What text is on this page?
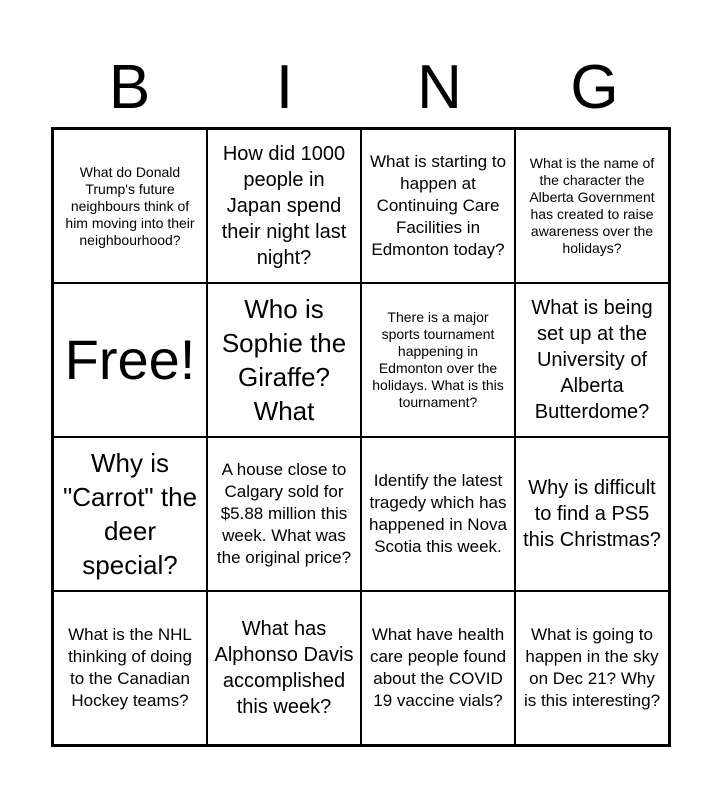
B	I	N	G
What do Donald Trump's future neighbours think of him moving into their neighbourhood?
How did 1000 people in Japan spend their night last night?
What is starting to happen at Continuing Care Facilities in Edmonton today?
What is the name of the character the Alberta Government has created to raise awareness over the holidays?
Free!
Who is Sophie the Giraffe? What
There is a major sports tournament happening in Edmonton over the holidays. What is this tournament?
What is being set up at the University of Alberta Butterdome?
Why is "Carrot" the deer special?
A house close to Calgary sold for $5.88 million this week. What was the original price?
Identify the latest tragedy which has happened in Nova Scotia this week.
Why is difficult to find a PS5 this Christmas?
What is the NHL thinking of doing to the Canadian Hockey teams?
What has Alphonso Davis accomplished this week?
What have health care people found about the COVID 19 vaccine vials?
What is going to happen in the sky on Dec 21? Why is this interesting?
